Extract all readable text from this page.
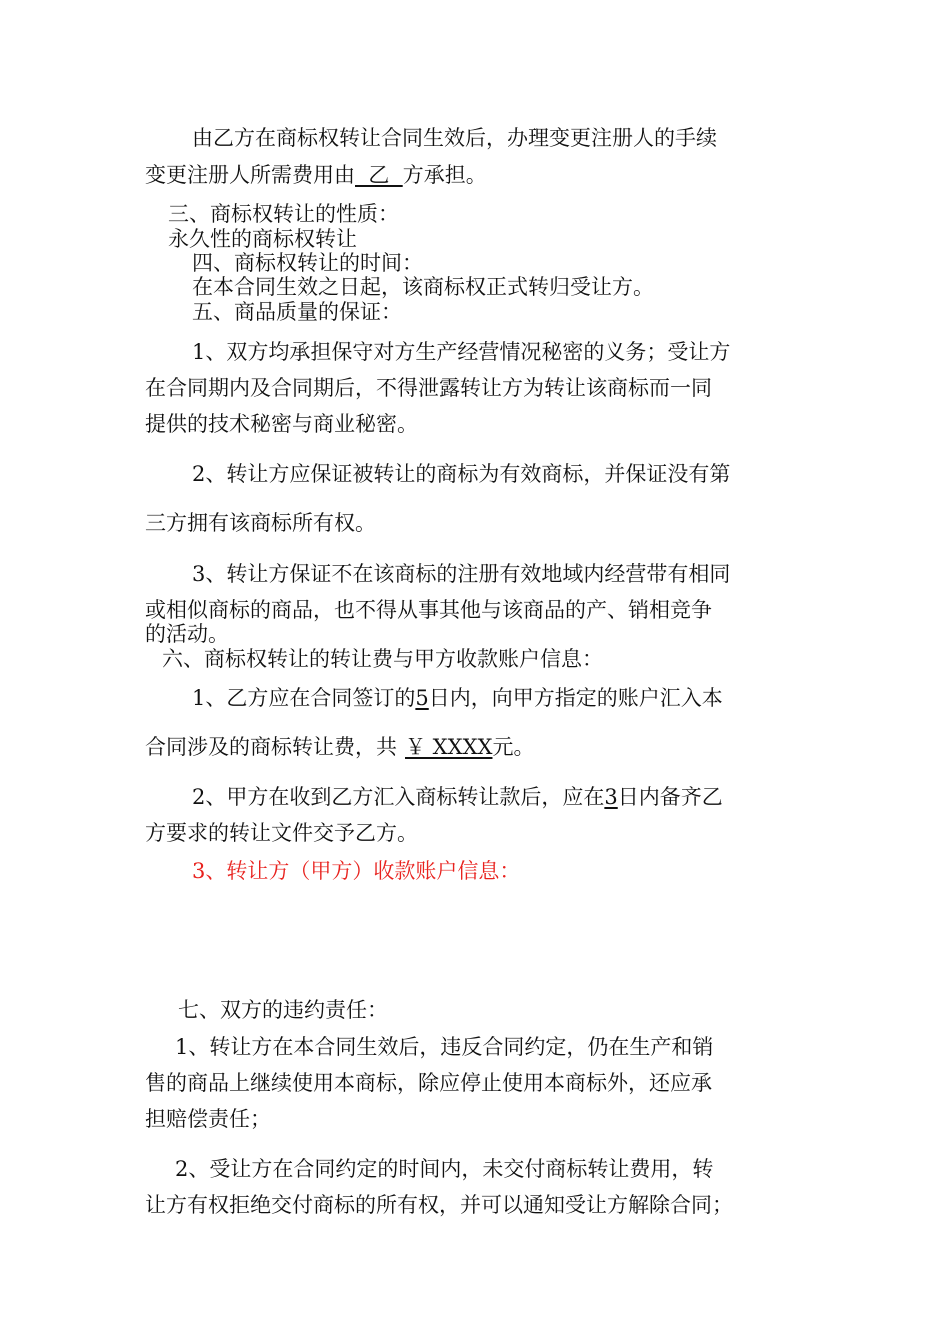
由乙方在商标权转让合同生效后，办理变更注册人的手续
变更注册人所需费用由  乙  方承担。
三、商标权转让的性质：
永久性的商标权转让
四、商标权转让的时间：
在本合同生效之日起，该商标权正式转归受让方。
五、商品质量的保证：
1、双方均承担保守对方生产经营情况秘密的义务；受让方
在合同期内及合同期后，不得泄露转让方为转让该商标而一同
提供的技术秘密与商业秘密。
2、转让方应保证被转让的商标为有效商标，并保证没有第
三方拥有该商标所有权。
3、转让方保证不在该商标的注册有效地域内经营带有相同
或相似商标的商品，也不得从事其他与该商品的产、销相竞争
的活动。
六、商标权转让的转让费与甲方收款账户信息：
1、乙方应在合同签订的5日内，向甲方指定的账户汇入本
合同涉及的商标转让费，共 ￥ XXXX元。
2、甲方在收到乙方汇入商标转让款后，应在3日内备齐乙
方要求的转让文件交予乙方。
3、转让方（甲方）收款账户信息：
七、双方的违约责任：
1、转让方在本合同生效后，违反合同约定，仍在生产和销
售的商品上继续使用本商标，除应停止使用本商标外，还应承
担赔偿责任；
2、受让方在合同约定的时间内，未交付商标转让费用，转
让方有权拒绝交付商标的所有权，并可以通知受让方解除合同；
